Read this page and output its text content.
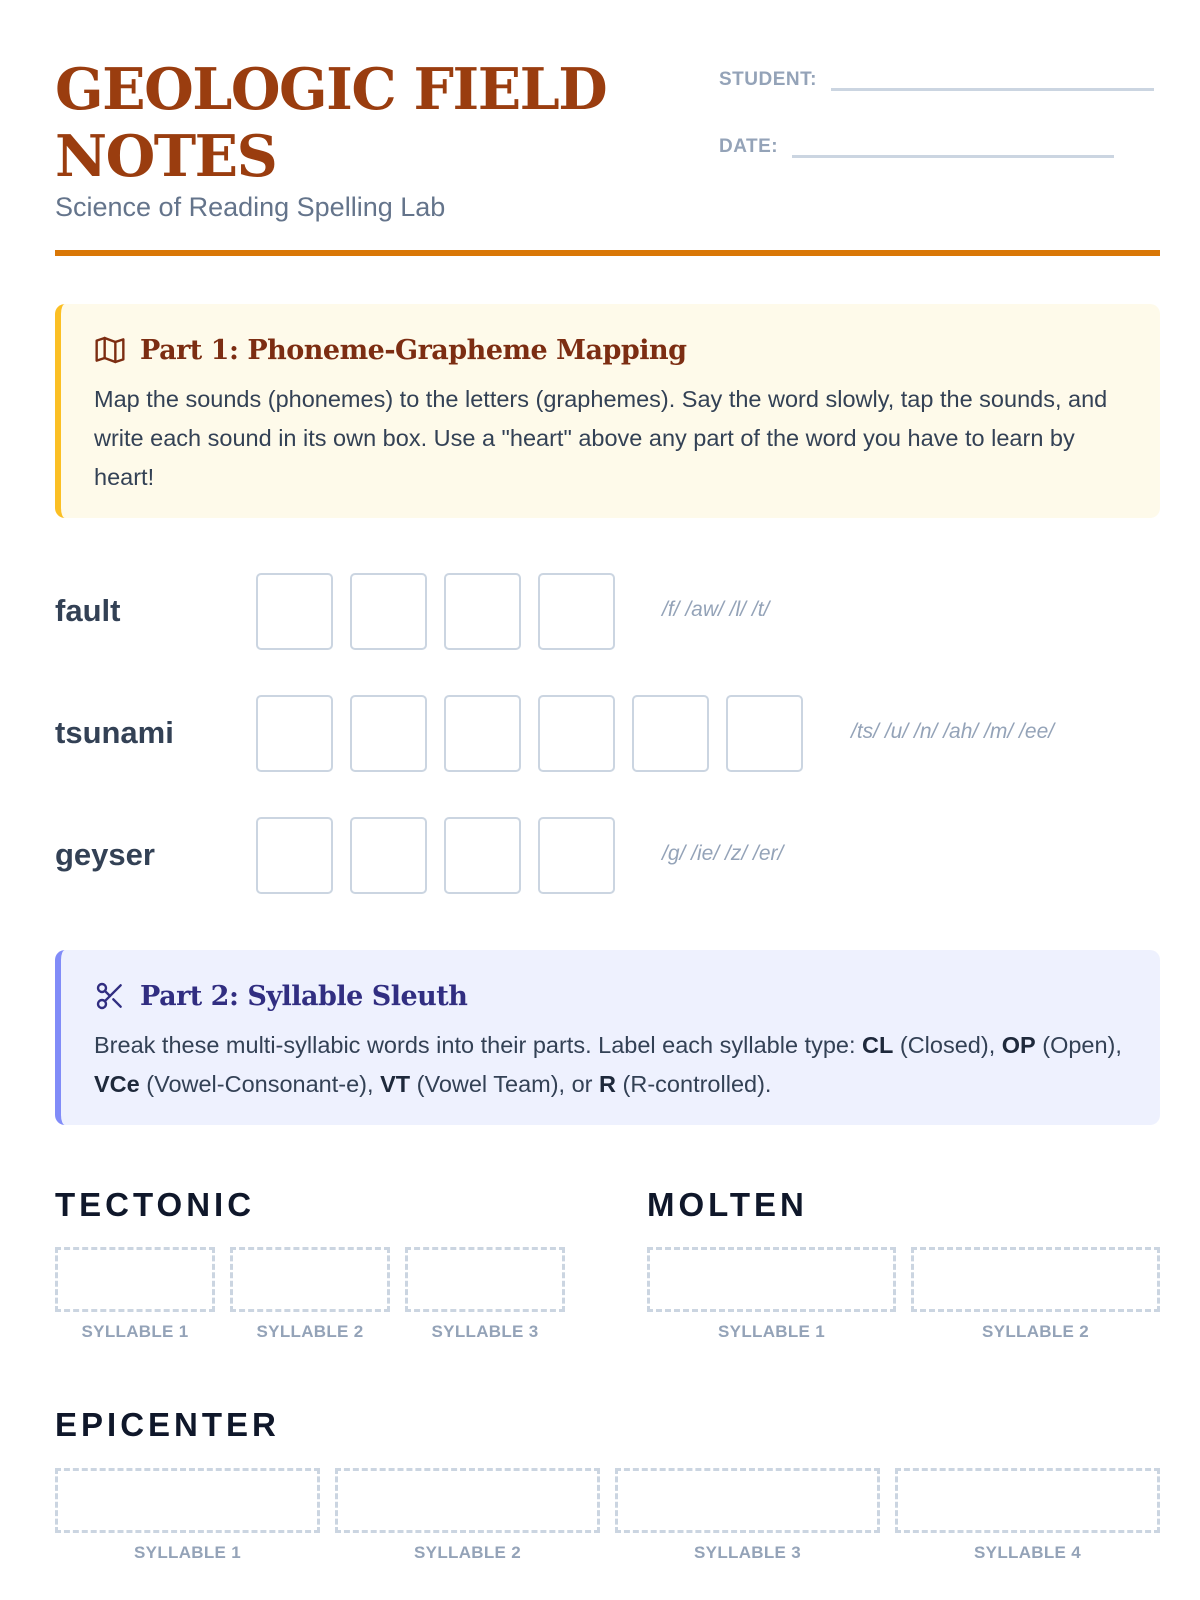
GEOLOGIC FIELD NOTES

Science of Reading Spelling Lab

STUDENT:
DATE:
Part 1: Phoneme-Grapheme Mapping

Map the sounds (phonemes) to the letters (graphemes). Say the word slowly, tap the sounds, and write each sound in its own box. Use a "heart" above any part of the word you have to learn by heart!

fault	/f/ /aw/ /l/ /t/
tsunami	/ts/ /u/ /n/ /ah/ /m/ /ee/
geyser	/g/ /ie/ /z/ /er/
Part 2: Syllable Sleuth

Break these multi-syllabic words into their parts. Label each syllable type: CL (Closed), OP (Open), VCe (Vowel-Consonant-e), VT (Vowel Team), or R (R-controlled).

TECTONIC
SYLLABLE 1	SYLLABLE 2	SYLLABLE 3
MOLTEN
SYLLABLE 1	SYLLABLE 2
EPICENTER
SYLLABLE 1	SYLLABLE 2	SYLLABLE 3	SYLLABLE 4
